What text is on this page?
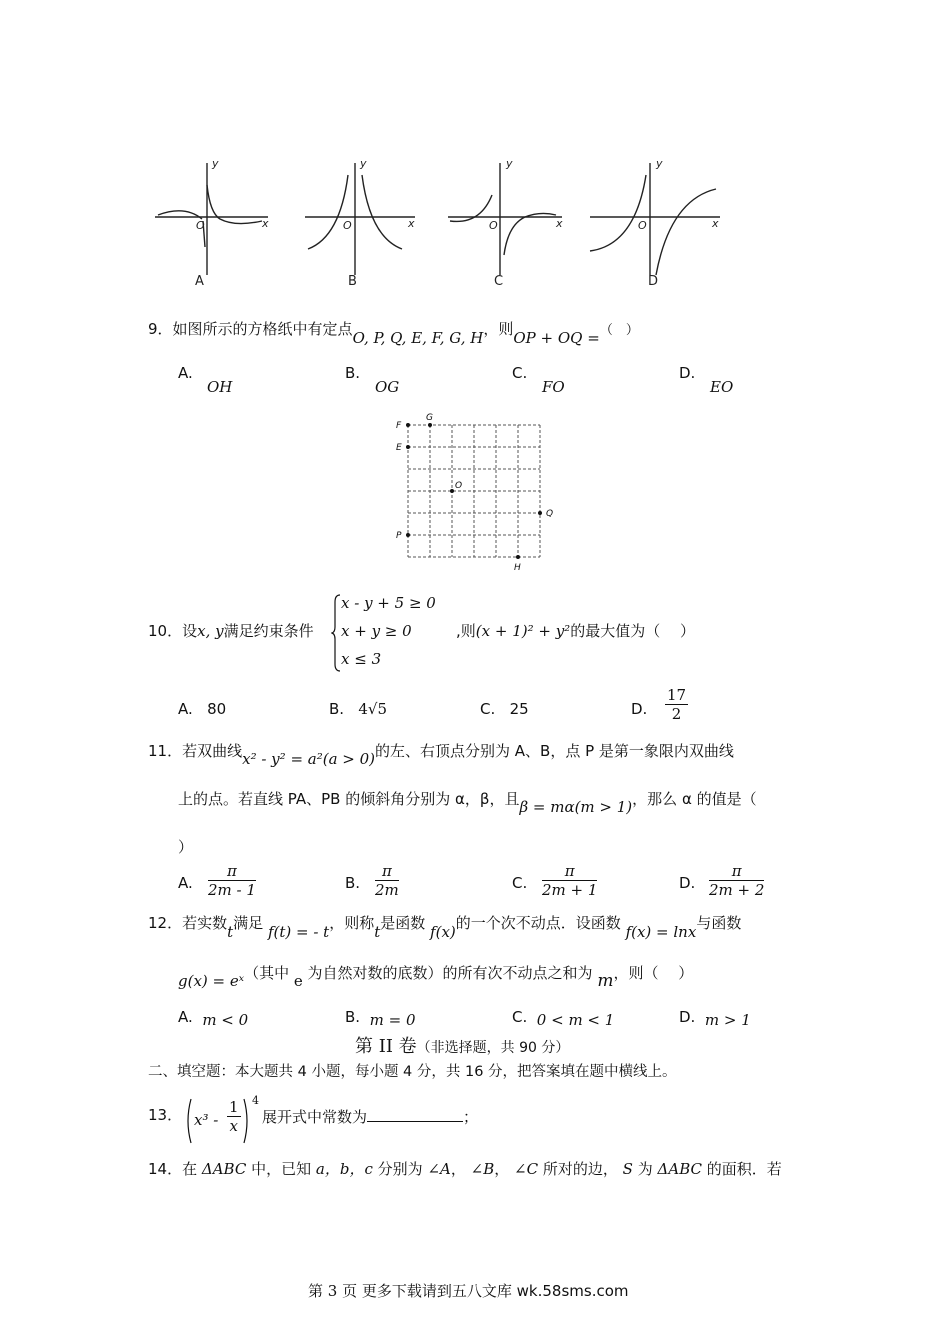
y
x
O
y
x
O
y
x
O
y
x
O
A	B	C	D
9．如图所示的方格纸中有定点O, P, Q, E, F, G, H，则OP + OQ =（　）
A.
OH
B.
OG
C.
FO
D.
EO
F
G
E
O
Q
P
H
10．设x, y满足约束条件
x - y + 5 ≥ 0
x + y ≥ 0
x ≤ 3
,则(x + 1)² + y²的最大值为（　 ）
A. 80	B. 4√5	C. 25	D. $\frac{17}{2}$
11．若双曲线x² - y² = a²(a > 0)的左、右顶点分别为 A、B，点 P 是第一象限内双曲线
上的点。若直线 PA、PB 的倾斜角分别为 α，β，且β = mα(m > 1)，那么 α 的值是（
）
A. $\frac{\pi}{2m - 1}$	B. $\frac{\pi}{2m}$	C. $\frac{\pi}{2m + 1}$	D. $\frac{\pi}{2m + 2}$
12．若实数t满足 f(t) = - t，则称t是函数 f(x)的一个次不动点．设函数 f(x) = lnx与函数
g(x) = eˣ（其中 e 为自然对数的底数）的所有次不动点之和为 m，则（　 ）
A. m < 0	B. m = 0	C. 0 < m < 1	D. m > 1
第 II 卷（非选择题，共 90 分）
二、填空题：本大题共 4 小题，每小题 4 分，共 16 分，把答案填在题中横线上。
13． $x^3 - \frac{1}{x} 4$
展开式中常数为	；
14．在 ΔABC 中，已知 a，b，c 分别为 ∠A， ∠B， ∠C 所对的边， S 为 ΔABC 的面积．若
第 3 页 更多下载请到五八文库 wk.58sms.com
